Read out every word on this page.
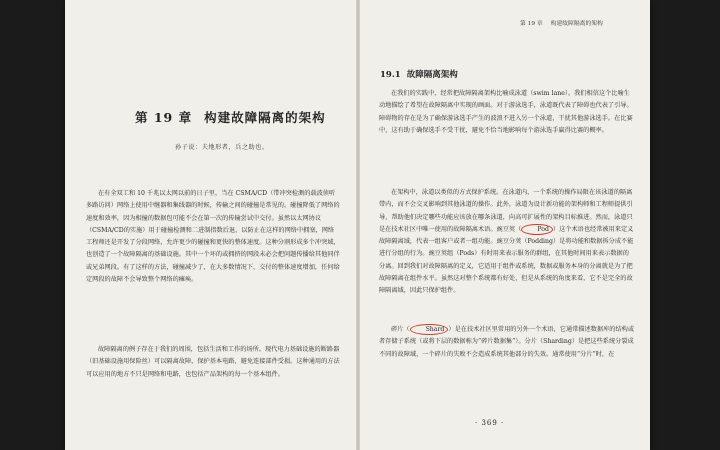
第 19 章 构建故障隔离的架构
孙子说：夫地形者，兵之助也。

在有全双工和 10 千兆以太网以前的日子里，当在 CSMA/CD（带冲突检测的载波侦听多路访问）网络上使用中继器和集线器的时候，传输之间的碰撞是常见的。碰撞降低了网络的速度和效率，因为相撞的数据包可能不会在第一次的传输尝试中交付。虽然以太网协议（CSMA/CD的实施）用于碰撞检测和二进制指数后退，以防止在这样的网络中拥塞，网络工程师还是开发了分段网络，允许更少的碰撞和更快的整体速度。这种分割形成多个冲突域，也创造了一个故障隔离的基础设施。其中一个坏的或拥挤的网段未必会把问题传播给其他同伴或兄弟网段。有了这样的方法，碰撞减少了，在大多数情况下，交付的整体速度增加，任何给定网段的故障不会导致整个网络的瘫痪。

故障隔离的例子存在于我们的周围，包括生活和工作的场所。现代电力基础设施的断路器（旧基础设施用保险丝）可以隔离故障，保护基本电路，避免连接部件受损。这种通用的方法可以应用的地方不只是网络和电路，也包括产品架构的每一个基本组件。

第 19 章 构建故障隔离的架构
19.1 故障隔离架构

在我们的实践中，经常把故障隔离架构比喻成泳道（swim lane）。我们相信这个比喻生动地描绘了希望在故障隔离中实现的画面。对于游泳选手，泳道既代表了障碍也代表了引导。障碍物的存在是为了确保游泳选手产生的波浪不进入另一个泳道，干扰其他游泳选手。在比赛中，这有助于确保选手不受干扰，避免不恰当地影响每个游泳选手赢得比赛的概率。

在架构中，泳道以类似的方式保护系统。在泳道内，一个系统的操作局限在该泳道的隔离带内，而不会交叉影响到其他泳道的操作。此外，泳道为设计新功能的架构师和工程师提供引导，帮助他们决定哪些功能应该放在哪条泳道，向高可扩展性的架构目标推进。然而，泳道只是在技术社区中唯一使用的故障隔离术语。豌豆荚（	Pod ）这个术语也经常被用来定义故障隔离域，代表一组客户或者一组功能。豌豆分荚（Podding）是将功能和数据拆分成不能进行分组的行为。豌豆荚组（Pods）有时用来表示服务的群组，在其他时间用来表示数据的分离。回到我们对故障隔离的定义，它适用于组件或系统，数据或服务本身的分离就是为了把故障隔离在组件水平。虽然这对整个系统都有好处，但是从系统的角度来看，它不是完全的故障隔离域，因此只保护组件。

碎片（	Shard ）是在技术社区里常用的另外一个术语，它通常描述数据库的结构或者存储子系统（或将下层的数据称为“碎片数据集”）。分片（Sharding）是把这些系统分裂成不同的故障域，一个碎片的失败不会造成系统其他部分的失效。通常使用“分片”时，在

· 369 ·
